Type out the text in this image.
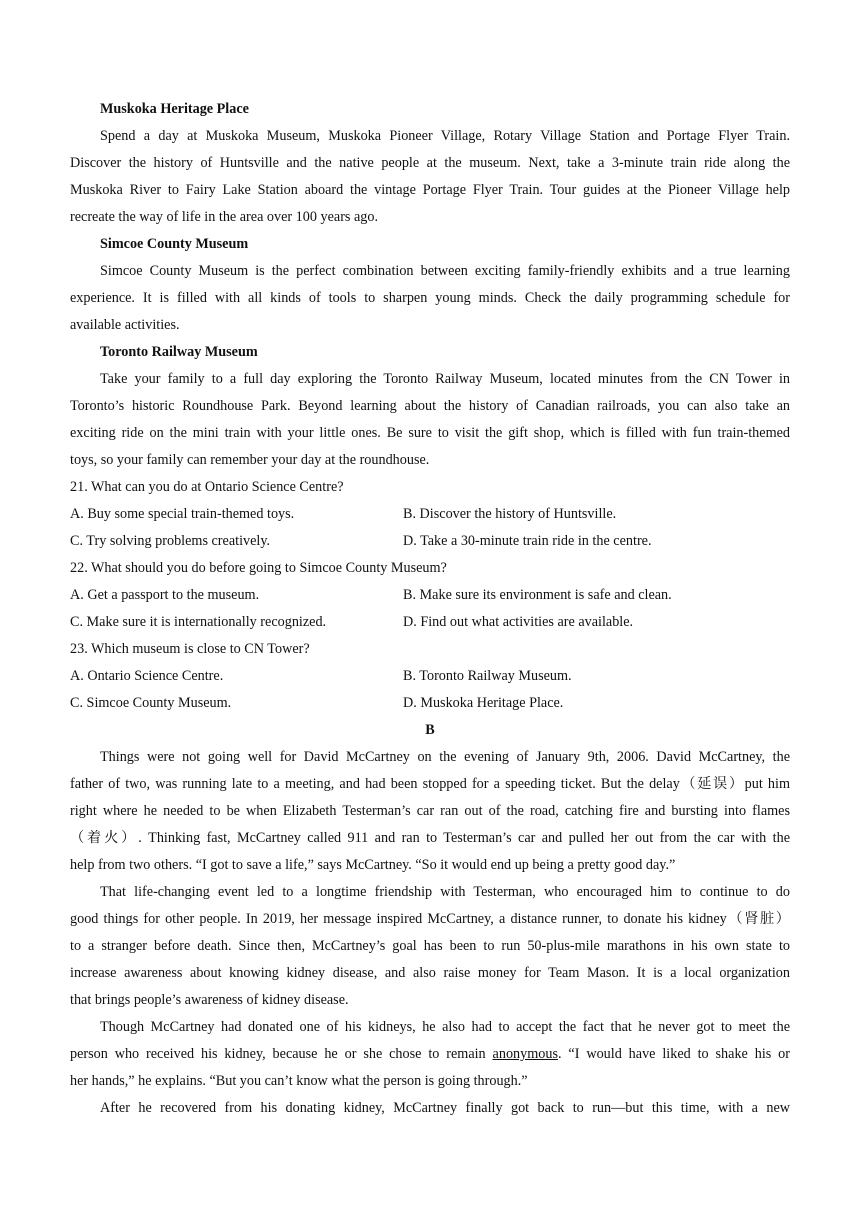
Muskoka Heritage Place
Spend a day at Muskoka Museum, Muskoka Pioneer Village, Rotary Village Station and Portage Flyer Train.
Discover the history of Huntsville and the native people at the museum. Next, take a 3-minute train ride along the
Muskoka River to Fairy Lake Station aboard the vintage Portage Flyer Train. Tour guides at the Pioneer Village help
recreate the way of life in the area over 100 years ago.
Simcoe County Museum
Simcoe County Museum is the perfect combination between exciting family-friendly exhibits and a true learning
experience. It is filled with all kinds of tools to sharpen young minds. Check the daily programming schedule for
available activities.
Toronto Railway Museum
Take your family to a full day exploring the Toronto Railway Museum, located minutes from the CN Tower in
Toronto’s historic Roundhouse Park. Beyond learning about the history of Canadian railroads, you can also take an
exciting ride on the mini train with your little ones. Be sure to visit the gift shop, which is filled with fun train-themed
toys, so your family can remember your day at the roundhouse.
21. What can you do at Ontario Science Centre?
A. Buy some special train-themed toys.	B. Discover the history of Huntsville.
C. Try solving problems creatively.	D. Take a 30-minute train ride in the centre.
22. What should you do before going to Simcoe County Museum?
A. Get a passport to the museum.	B. Make sure its environment is safe and clean.
C. Make sure it is internationally recognized.	D. Find out what activities are available.
23. Which museum is close to CN Tower?
A. Ontario Science Centre.	B. Toronto Railway Museum.
C. Simcoe County Museum.	D. Muskoka Heritage Place.
B
Things were not going well for David McCartney on the evening of January 9th, 2006. David McCartney, the
father of two, was running late to a meeting, and had been stopped for a speeding ticket. But the delay（延误）put him
right where he needed to be when Elizabeth Testerman’s car ran out of the road, catching fire and bursting into flames
（着火）. Thinking fast, McCartney called 911 and ran to Testerman’s car and pulled her out from the car with the
help from two others. “I got to save a life,” says McCartney. “So it would end up being a pretty good day.”
That life-changing event led to a longtime friendship with Testerman, who encouraged him to continue to do
good things for other people. In 2019, her message inspired McCartney, a distance runner, to donate his kidney（肾脏）
to a stranger before death. Since then, McCartney’s goal has been to run 50-plus-mile marathons in his own state to
increase awareness about knowing kidney disease, and also raise money for Team Mason. It is a local organization
that brings people’s awareness of kidney disease.
Though McCartney had donated one of his kidneys, he also had to accept the fact that he never got to meet the
person who received his kidney, because he or she chose to remain anonymous. “I would have liked to shake his or
her hands,” he explains. “But you can’t know what the person is going through.”
After he recovered from his donating kidney, McCartney finally got back to run—but this time, with a new
